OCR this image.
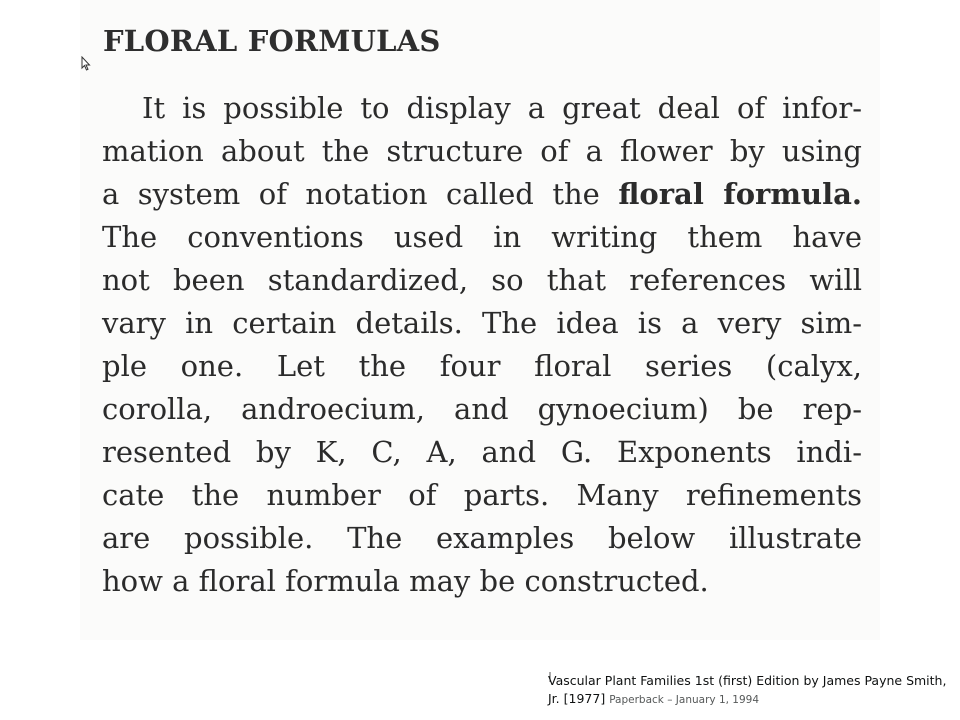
FLORAL FORMULAS

It is possible to display a great deal of infor-
mation about the structure of a flower by using
a system of notation called the floral formula.
The conventions used in writing them have
not been standardized, so that references will
vary in certain details. The idea is a very sim-
ple one. Let the four floral series (calyx,
corolla, androecium, and gynoecium) be rep-
resented by K, C, A, and G. Exponents indi-
cate the number of parts. Many refinements
are possible. The examples below illustrate
how a floral formula may be constructed.

Vascular Plant Families 1st (first) Edition by James Payne Smith, Jr. [1977] Paperback – January 1, 1994
